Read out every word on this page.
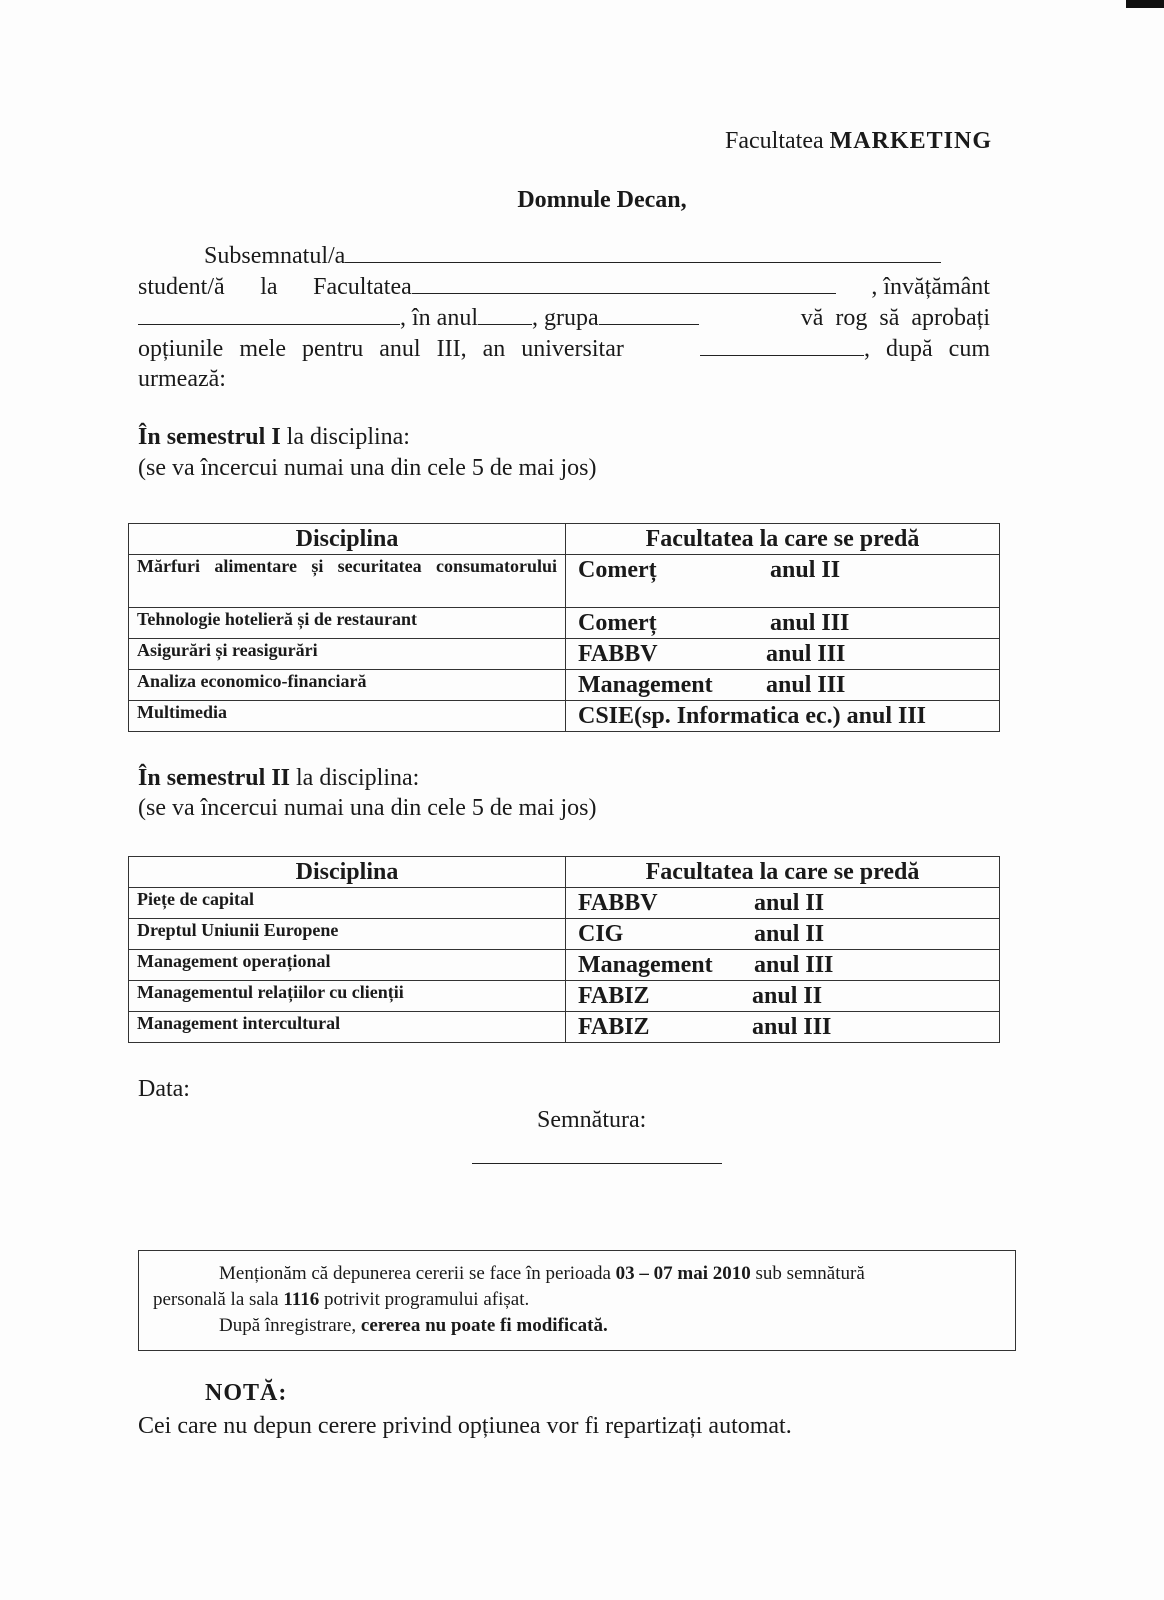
Facultatea MARKETING
Domnule Decan,
Subsemnatul/a
student/ă la Facultatea	, învățământ
, în anul , grupa	vă rog să aprobați
opțiunile mele pentru anul III, an universitar	, după cum
urmează:
În semestrul I la disciplina:
(se va încercui numai una din cele 5 de mai jos)
Disciplina	Facultatea la care se predă
Mărfuri alimentare și securitatea consumatorului	Comerț anul II

Tehnologie hotelieră și de restaurant	Comerț anul III

Asigurări și reasigurări	FABBV anul III

Analiza economico-financiară	Management anul III

Multimedia	CSIE(sp. Informatica ec.) anul III
În semestrul II la disciplina:
(se va încercui numai una din cele 5 de mai jos)
Disciplina	Facultatea la care se predă
Piețe de capital	FABBV anul II

Dreptul Uniunii Europene	CIG anul II

Management operațional	Management anul III

Managementul relațiilor cu clienții	FABIZ anul II

Management intercultural	FABIZ anul III
Data:
Semnătura:
Menționăm că depunerea cererii se face în perioada 03 – 07 mai 2010 sub semnătură
personală la sala 1116 potrivit programului afișat.
După înregistrare, cererea nu poate fi modificată.
NOTĂ:
Cei care nu depun cerere privind opțiunea vor fi repartizați automat.
